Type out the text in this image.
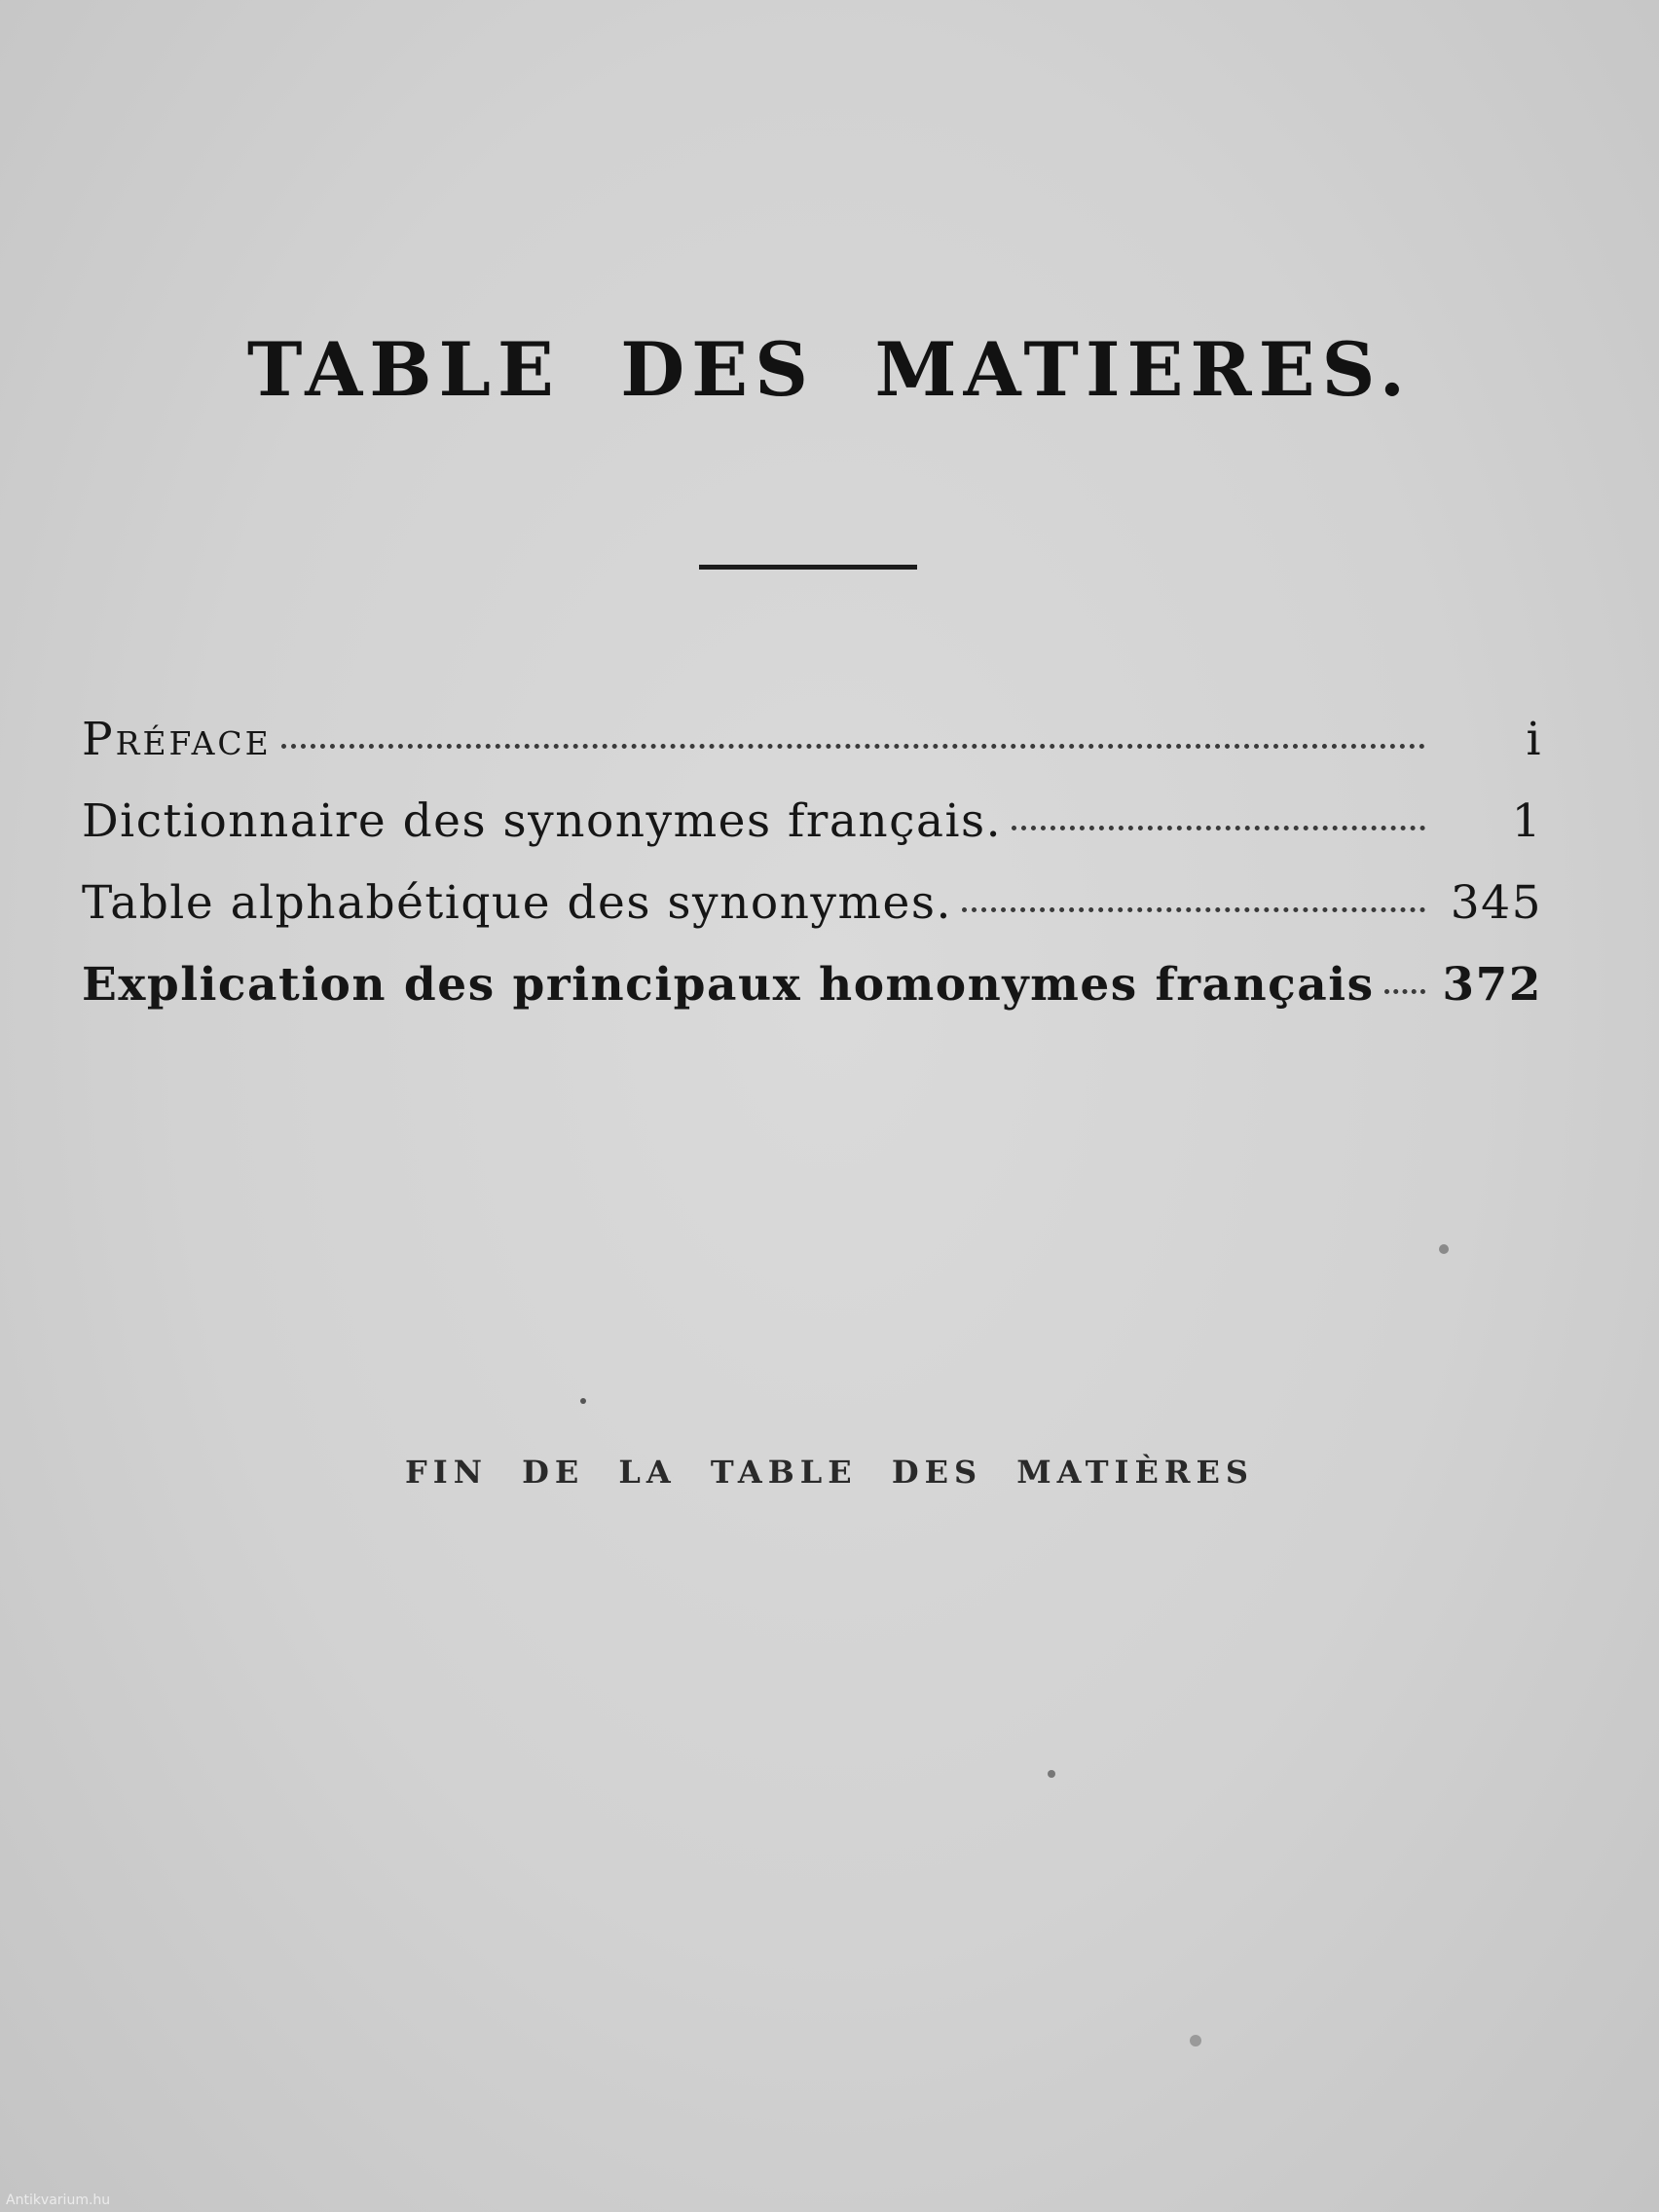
TABLE DES MATIERES.
Préface	i
Dictionnaire des synonymes français.	1
Table alphabétique des synonymes.	345
Explication des principaux homonymes français 372
FIN DE LA TABLE DES MATIÈRES
Antikvarium.hu
